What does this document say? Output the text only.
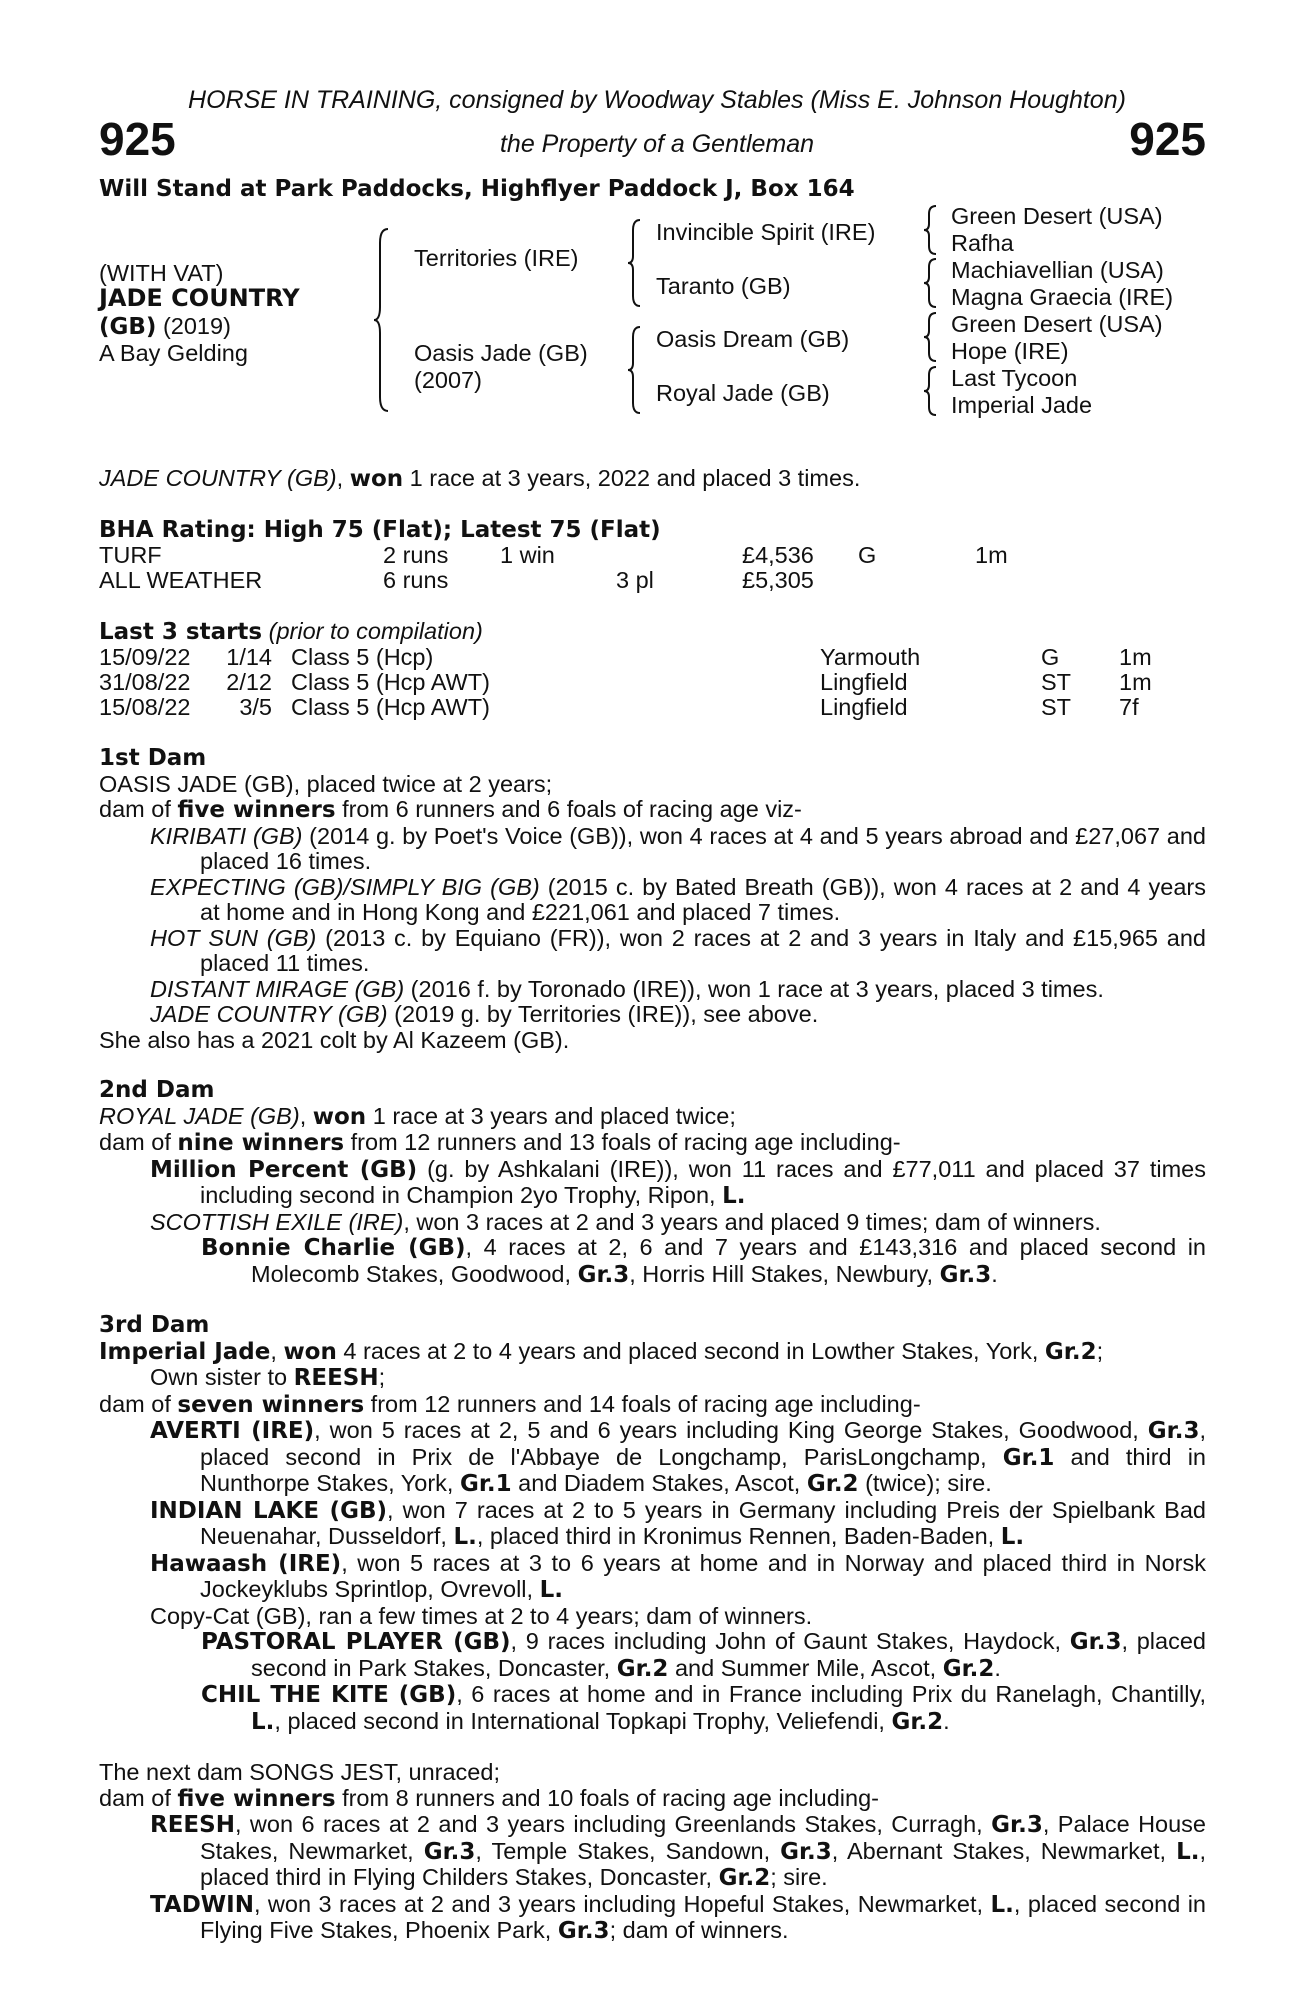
HORSE IN TRAINING, consigned by Woodway Stables (Miss E. Johnson Houghton)
925	the Property of a Gentleman	925
Will Stand at Park Paddocks, Highflyer Paddock J, Box 164
(WITH VAT)
JADE COUNTRY
(GB) (2019)
A Bay Gelding
Territories (IRE)
Oasis Jade (GB)
(2007)
Invincible Spirit (IRE)
Taranto (GB)
Oasis Dream (GB)
Royal Jade (GB)
Green Desert (USA)
Rafha
Machiavellian (USA)
Magna Graecia (IRE)
Green Desert (USA)
Hope (IRE)
Last Tycoon
Imperial Jade
JADE COUNTRY (GB), won 1 race at 3 years, 2022 and placed 3 times.
BHA Rating: High 75 (Flat); Latest 75 (Flat)
TURF	2 runs 1 win	£4,536 G	1m
ALL WEATHER	6 runs	3 pl	£5,305
Last 3 starts (prior to compilation)
15/09/22 1/14 Class 5 (Hcp)	Yarmouth	G	1m
31/08/22 2/12 Class 5 (Hcp AWT)	Lingfield	ST 1m
15/08/22	3/5 Class 5 (Hcp AWT)	Lingfield	ST 7f

1st Dam

OASIS JADE (GB), placed twice at 2 years;

dam of five winners from 6 runners and 6 foals of racing age viz-

KIRIBATI (GB) (2014 g. by Poet's Voice (GB)), won 4 races at 4 and 5 years abroad and £27,067 and placed 16 times.

EXPECTING (GB)/SIMPLY BIG (GB) (2015 c. by Bated Breath (GB)), won 4 races at 2 and 4 years at home and in Hong Kong and £221,061 and placed 7 times.

HOT SUN (GB) (2013 c. by Equiano (FR)), won 2 races at 2 and 3 years in Italy and £15,965 and placed 11 times.

DISTANT MIRAGE (GB) (2016 f. by Toronado (IRE)), won 1 race at 3 years, placed 3 times.

JADE COUNTRY (GB) (2019 g. by Territories (IRE)), see above.

She also has a 2021 colt by Al Kazeem (GB).

2nd Dam

ROYAL JADE (GB), won 1 race at 3 years and placed twice;

dam of nine winners from 12 runners and 13 foals of racing age including-

Million Percent (GB) (g. by Ashkalani (IRE)), won 11 races and £77,011 and placed 37 times including second in Champion 2yo Trophy, Ripon, L.

SCOTTISH EXILE (IRE), won 3 races at 2 and 3 years and placed 9 times; dam of winners.

Bonnie Charlie (GB), 4 races at 2, 6 and 7 years and £143,316 and placed second in Molecomb Stakes, Goodwood, Gr.3, Horris Hill Stakes, Newbury, Gr.3.

3rd Dam

Imperial Jade, won 4 races at 2 to 4 years and placed second in Lowther Stakes, York, Gr.2;

Own sister to REESH;

dam of seven winners from 12 runners and 14 foals of racing age including-

AVERTI (IRE), won 5 races at 2, 5 and 6 years including King George Stakes, Goodwood, Gr.3, placed second in Prix de l'Abbaye de Longchamp, ParisLongchamp, Gr.1 and third in Nunthorpe Stakes, York, Gr.1 and Diadem Stakes, Ascot, Gr.2 (twice); sire.

INDIAN LAKE (GB), won 7 races at 2 to 5 years in Germany including Preis der Spielbank Bad Neuenahar, Dusseldorf, L., placed third in Kronimus Rennen, Baden-Baden, L.

Hawaash (IRE), won 5 races at 3 to 6 years at home and in Norway and placed third in Norsk Jockeyklubs Sprintlop, Ovrevoll, L.

Copy-Cat (GB), ran a few times at 2 to 4 years; dam of winners.

PASTORAL PLAYER (GB), 9 races including John of Gaunt Stakes, Haydock, Gr.3, placed second in Park Stakes, Doncaster, Gr.2 and Summer Mile, Ascot, Gr.2.

CHIL THE KITE (GB), 6 races at home and in France including Prix du Ranelagh, Chantilly, L., placed second in International Topkapi Trophy, Veliefendi, Gr.2.

The next dam SONGS JEST, unraced;

dam of five winners from 8 runners and 10 foals of racing age including-

REESH, won 6 races at 2 and 3 years including Greenlands Stakes, Curragh, Gr.3, Palace House Stakes, Newmarket, Gr.3, Temple Stakes, Sandown, Gr.3, Abernant Stakes, Newmarket, L., placed third in Flying Childers Stakes, Doncaster, Gr.2; sire.

TADWIN, won 3 races at 2 and 3 years including Hopeful Stakes, Newmarket, L., placed second in Flying Five Stakes, Phoenix Park, Gr.3; dam of winners.
